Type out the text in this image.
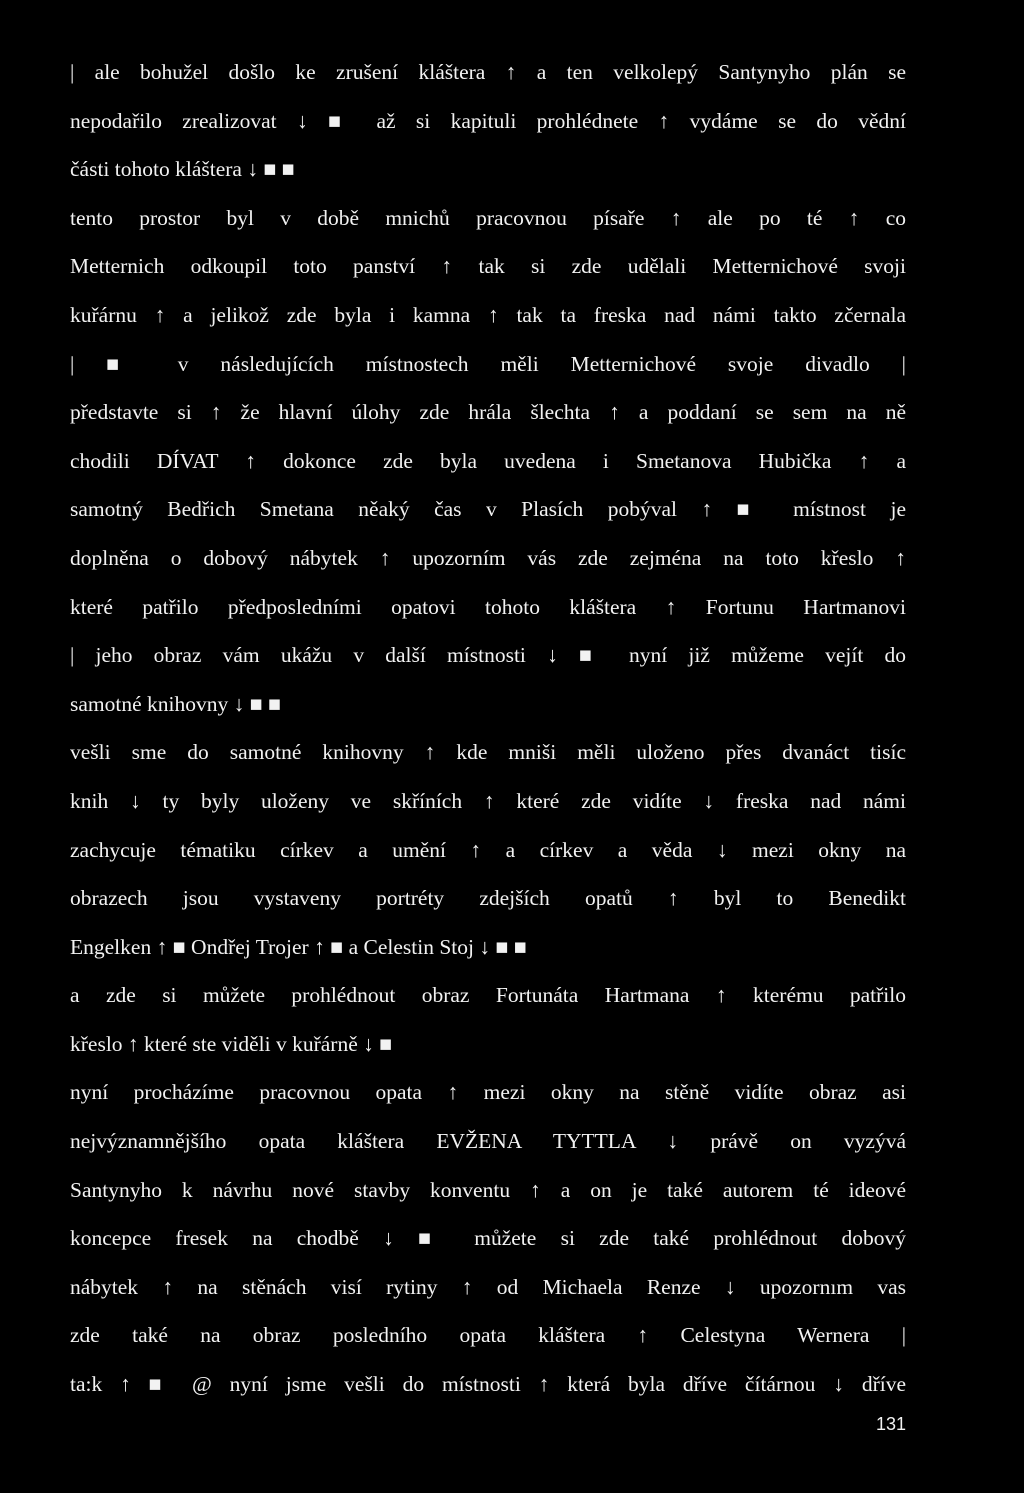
| ale bohužel došlo ke zrušení kláštera ↑ a ten velkolepý Santynyho plán se
nepodařilo zrealizovat ↓ ■ až si kapituli prohlédnete ↑ vydáme se do vědní
části tohoto kláštera ↓ ■ ■
tento prostor byl v době mnichů pracovnou písaře ↑ ale po té ↑ co
Metternich odkoupil toto panství ↑ tak si zde udělali Metternichové svoji
kuřárnu ↑ a jelikož zde byla i kamna ↑ tak ta freska nad námi takto zčernala
| ■ v následujících místnostech měli Metternichové svoje divadlo |
představte si ↑ že hlavní úlohy zde hrála šlechta ↑ a poddaní se sem na ně
chodili DÍVAT ↑ dokonce zde byla uvedena i Smetanova Hubička ↑ a
samotný Bedřich Smetana něaký čas v Plasích pobýval ↑ ■ místnost je
doplněna o dobový nábytek ↑ upozorním vás zde zejména na toto křeslo ↑
které patřilo předposledními opatovi tohoto kláštera ↑ Fortunu Hartmanovi
| jeho obraz vám ukážu v další místnosti ↓ ■ nyní již můžeme vejít do
samotné knihovny ↓ ■ ■
vešli sme do samotné knihovny ↑ kde mniši měli uloženo přes dvanáct tisíc
knih ↓ ty byly uloženy ve skříních ↑ které zde vidíte ↓ freska nad námi
zachycuje tématiku církev a umění ↑ a církev a věda ↓ mezi okny na
obrazech jsou vystaveny portréty zdejších opatů ↑ byl to Benedikt
Engelken ↑ ■ Ondřej Trojer ↑ ■ a Celestin Stoj ↓ ■ ■
a zde si můžete prohlédnout obraz Fortunáta Hartmana ↑ kterému patřilo
křeslo ↑ které ste viděli v kuřárně ↓ ■
nyní procházíme pracovnou opata ↑ mezi okny na stěně vidíte obraz asi
nejvýznamnějšího opata kláštera EVŽENA TYTTLA ↓ právě on vyzývá
Santynyho k návrhu nové stavby konventu ↑ a on je také autorem té ideové
koncepce fresek na chodbě ↓ ■ můžete si zde také prohlédnout dobový
nábytek ↑ na stěnách visí rytiny ↑ od Michaela Renze ↓ upozornım vas
zde také na obraz posledního opata kláštera ↑ Celestyna Wernera |
ta:k ↑ ■ @ nyní jsme vešli do místnosti ↑ která byla dříve čítárnou ↓ dříve
131
